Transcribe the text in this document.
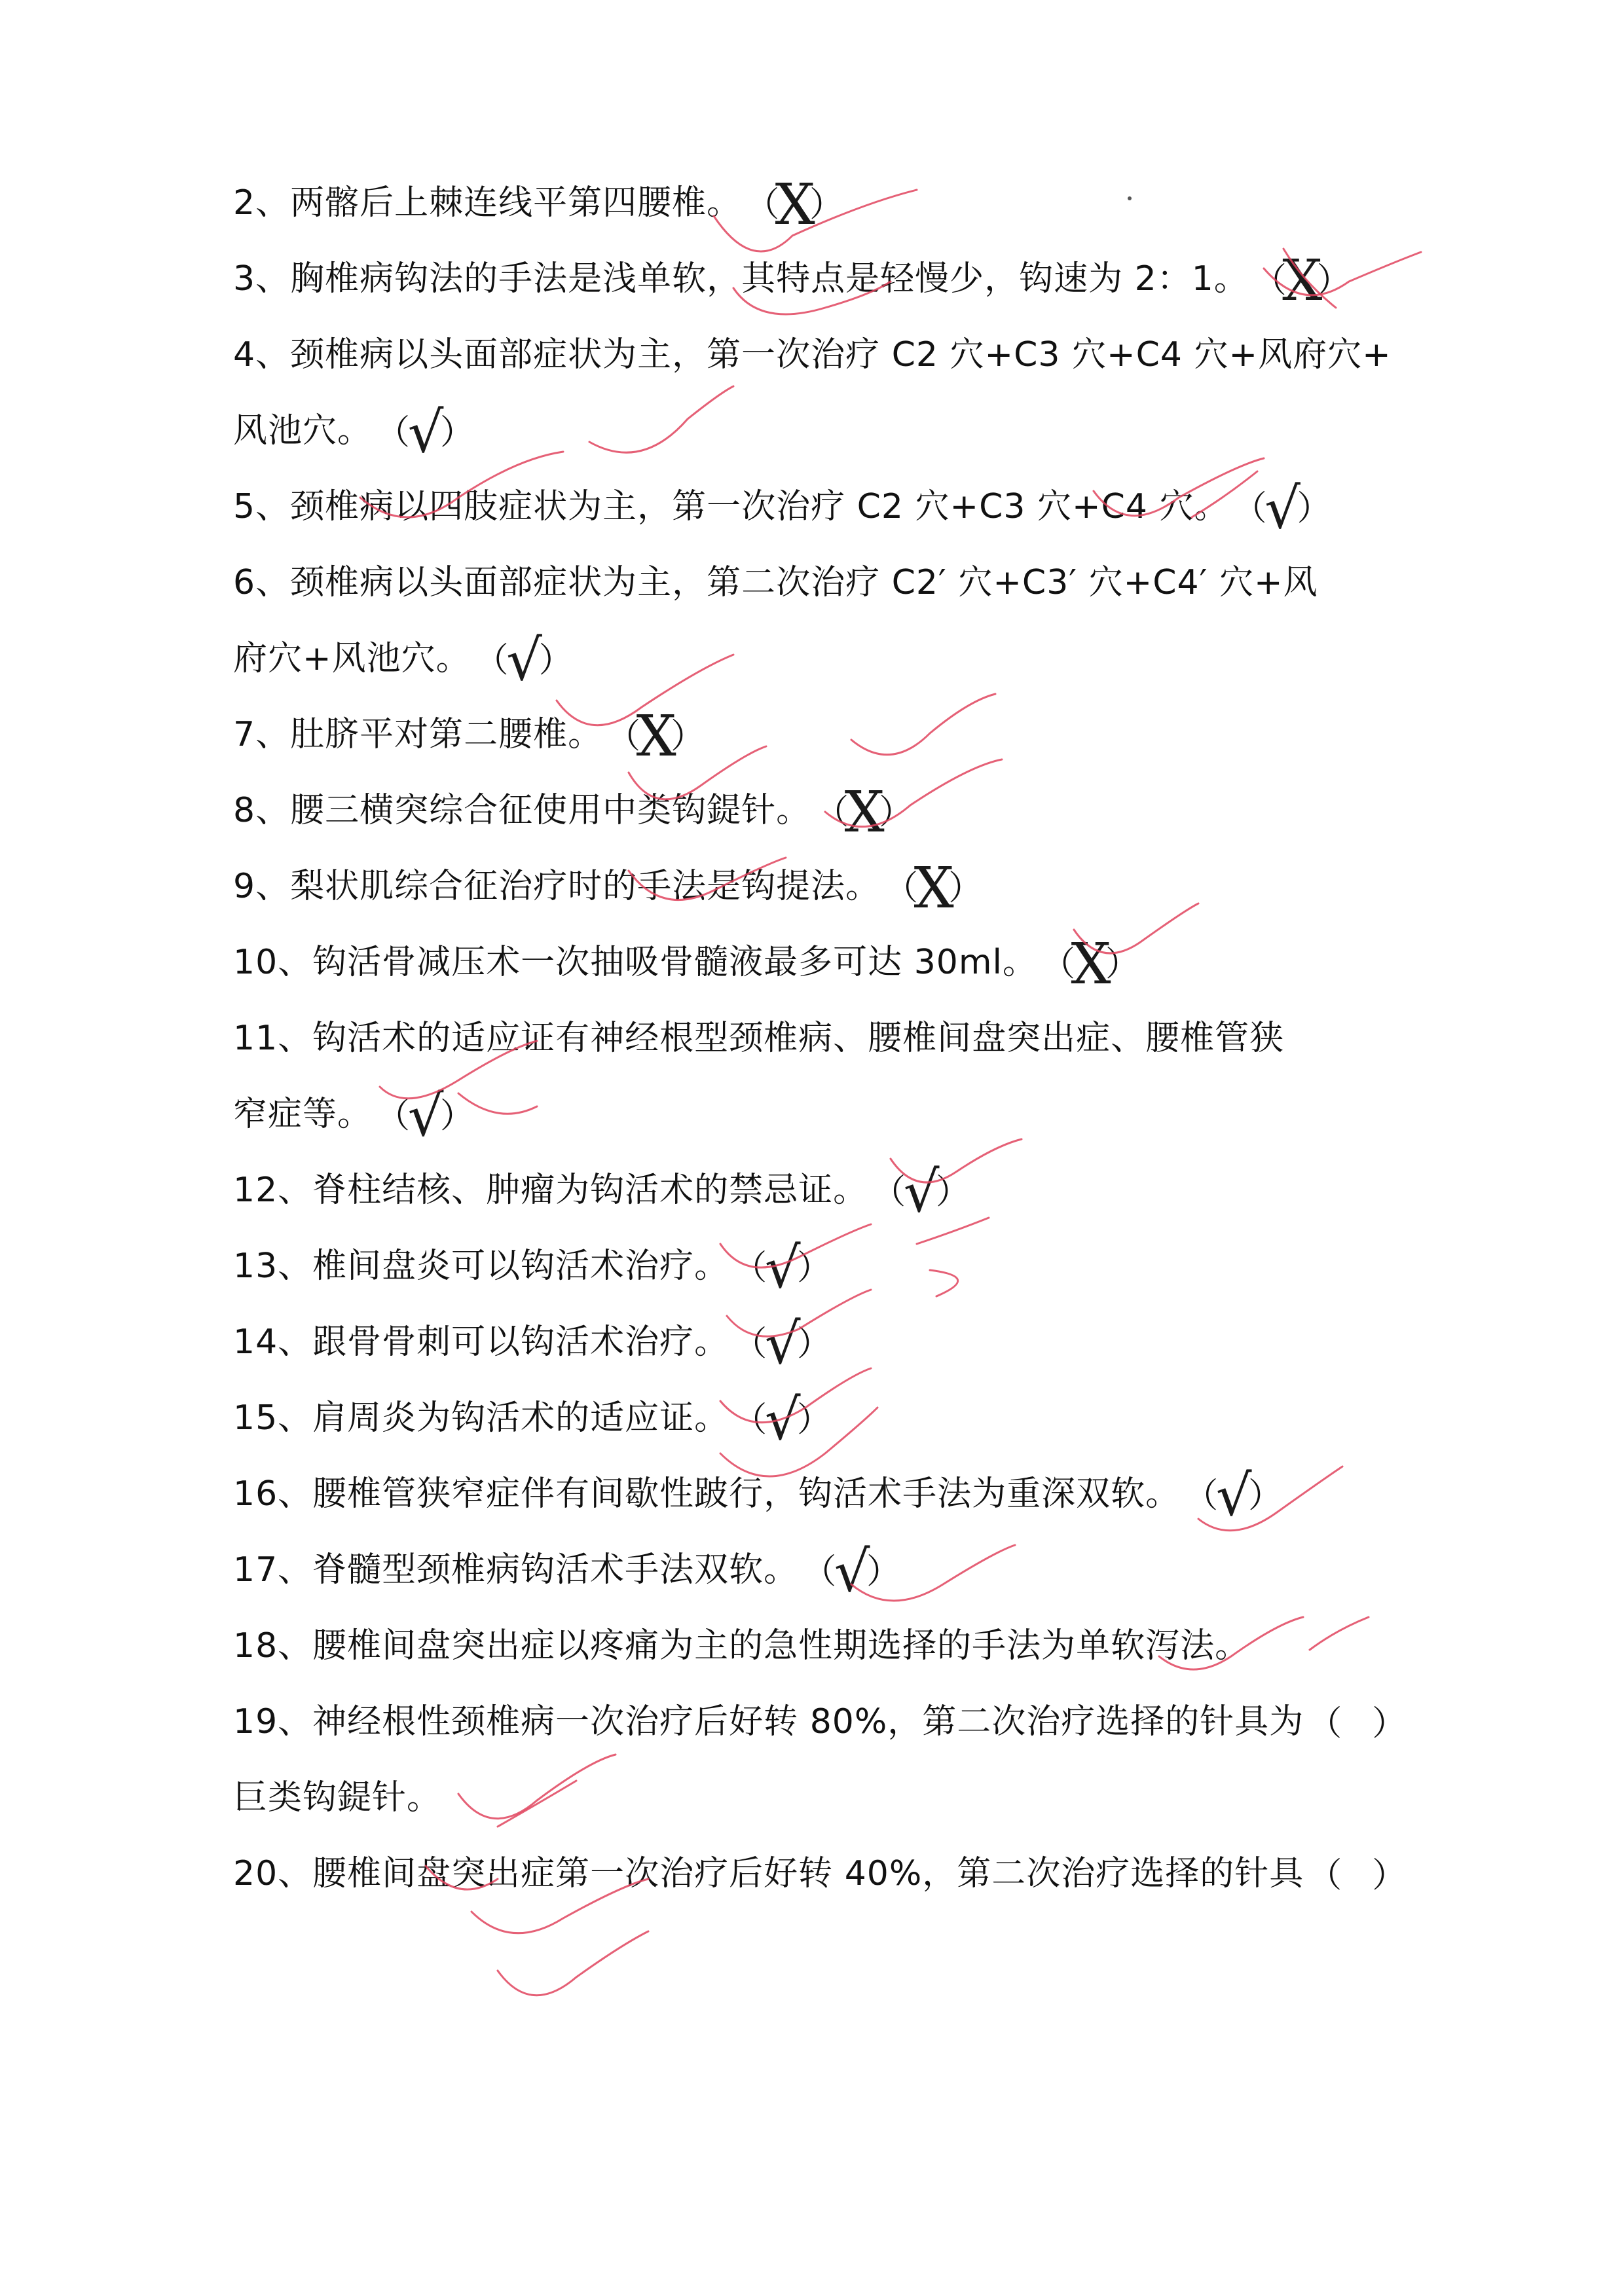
2、两髂后上棘连线平第四腰椎。 （
X
）
3、胸椎病钩法的手法是浅单软，其特点是轻慢少，钩速为 2：1。 （
X
）
4、颈椎病以头面部症状为主，第一次治疗 C2 穴+C3 穴+C4 穴+风府穴+
风池穴。 （
√
）
5、颈椎病以四肢症状为主，第一次治疗 C2 穴+C3 穴+C4 穴。 （
√
）
6、颈椎病以头面部症状为主，第二次治疗 C2′ 穴+C3′ 穴+C4′ 穴+风
府穴+风池穴。 （
√
）
7、肚脐平对第二腰椎。 （
X
）
8、腰三横突综合征使用中类钩鍉针。 （
X
）
9、梨状肌综合征治疗时的手法是钩提法。 （
X
）
10、钩活骨减压术一次抽吸骨髓液最多可达 30ml。 （
X
）
11、钩活术的适应证有神经根型颈椎病、腰椎间盘突出症、腰椎管狭
窄症等。 （
√
）
12、脊柱结核、肿瘤为钩活术的禁忌证。 （
√
）
13、椎间盘炎可以钩活术治疗。 （
√
）
14、跟骨骨刺可以钩活术治疗。 （
√
）
15、肩周炎为钩活术的适应证。 （
√
）
16、腰椎管狭窄症伴有间歇性跛行，钩活术手法为重深双软。 （
√
）
17、脊髓型颈椎病钩活术手法双软。 （
√
）
18、腰椎间盘突出症以疼痛为主的急性期选择的手法为单软泻法。
19、神经根性颈椎病一次治疗后好转 80%，第二次治疗选择的针具为 （ ）
巨类钩鍉针。
20、腰椎间盘突出症第一次治疗后好转 40%，第二次治疗选择的针具 （ ）
